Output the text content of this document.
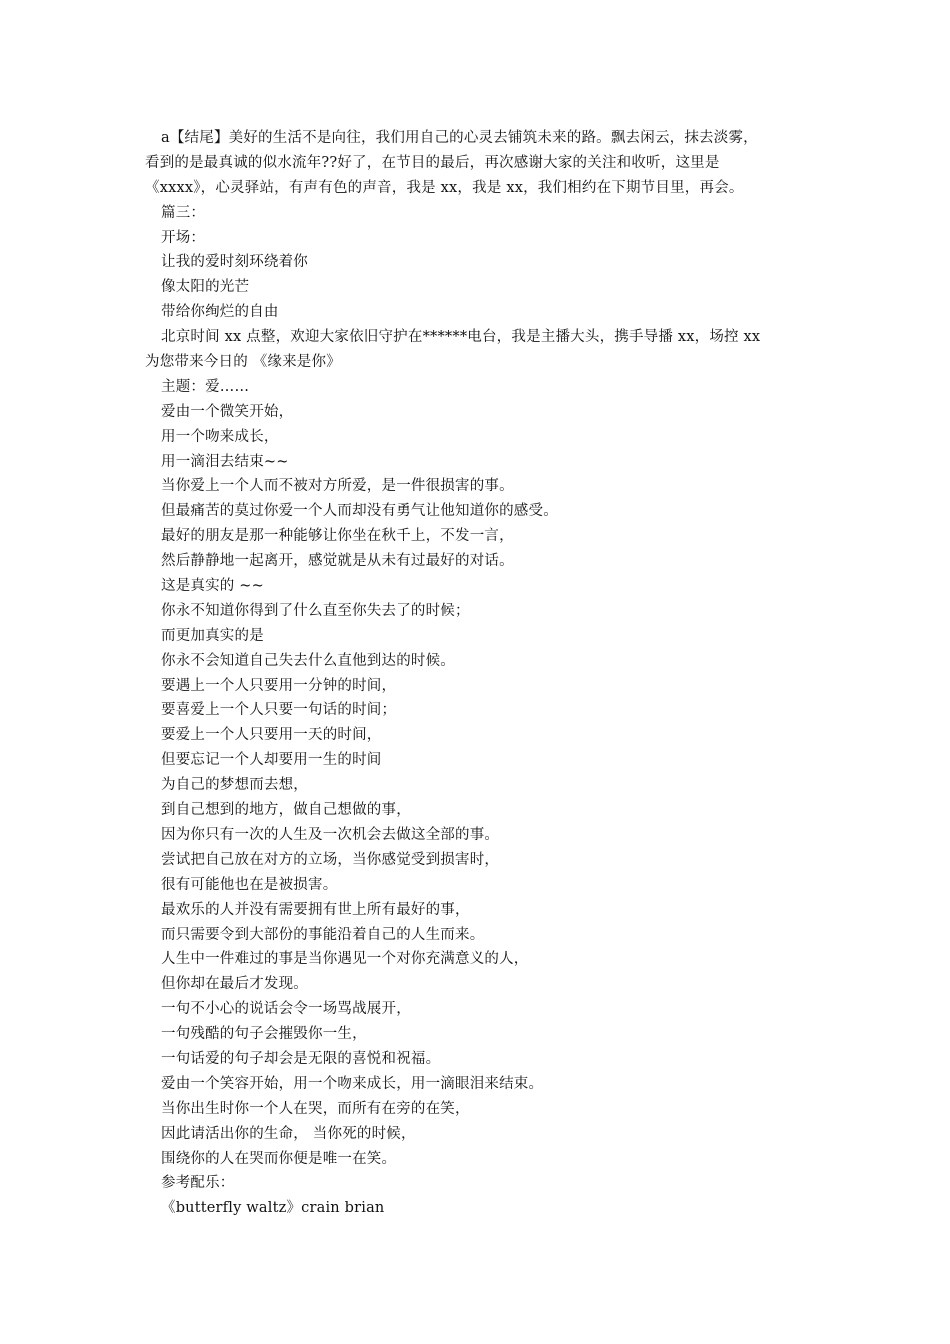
a【结尾】美好的生活不是向往，我们用自己的心灵去铺筑未来的路。飘去闲云，抹去淡雾，
看到的是最真诚的似水流年??好了，在节目的最后，再次感谢大家的关注和收听，这里是
《xxxx》，心灵驿站，有声有色的声音，我是 xx，我是 xx，我们相约在下期节目里，再会。
篇三：
开场：
让我的爱时刻环绕着你
像太阳的光芒
带给你绚烂的自由
北京时间 xx 点整，欢迎大家依旧守护在******电台，我是主播大头，携手导播 xx，场控 xx
为您带来今日的 《缘来是你》
主题：爱……
爱由一个微笑开始，
用一个吻来成长，
用一滴泪去结束~~
当你爱上一个人而不被对方所爱，是一件很损害的事。
但最痛苦的莫过你爱一个人而却没有勇气让他知道你的感受。
最好的朋友是那一种能够让你坐在秋千上，不发一言，
然后静静地一起离开，感觉就是从未有过最好的对话。
这是真实的 ~~
你永不知道你得到了什么直至你失去了的时候；
而更加真实的是
你永不会知道自己失去什么直他到达的时候。
要遇上一个人只要用一分钟的时间，
要喜爱上一个人只要一句话的时间；
要爱上一个人只要用一天的时间，
但要忘记一个人却要用一生的时间
为自己的梦想而去想，
到自己想到的地方，做自己想做的事，
因为你只有一次的人生及一次机会去做这全部的事。
尝试把自己放在对方的立场，当你感觉受到损害时，
很有可能他也在是被损害。
最欢乐的人并没有需要拥有世上所有最好的事，
而只需要令到大部份的事能沿着自己的人生而来。
人生中一件难过的事是当你遇见一个对你充满意义的人，
但你却在最后才发现。
一句不小心的说话会令一场骂战展开，
一句残酷的句子会摧毁你一生，
一句话爱的句子却会是无限的喜悦和祝福。
爱由一个笑容开始，用一个吻来成长，用一滴眼泪来结束。
当你出生时你一个人在哭，而所有在旁的在笑，
因此请活出你的生命， 当你死的时候，
围绕你的人在哭而你便是唯一在笑。
参考配乐：
《butterfly waltz》crain brian
